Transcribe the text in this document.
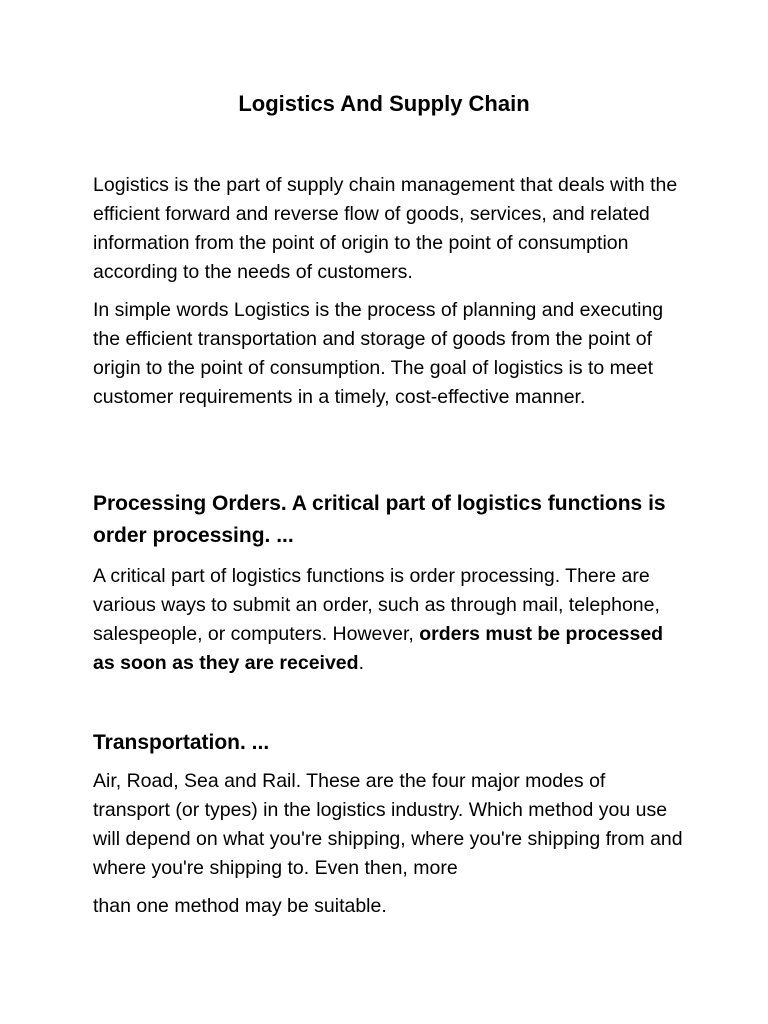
Logistics And Supply Chain

Logistics is the part of supply chain management that deals with the efficient forward and reverse flow of goods, services, and related information from the point of origin to the point of consumption according to the needs of customers.

In simple words Logistics is the process of planning and executing the efficient transportation and storage of goods from the point of origin to the point of consumption. The goal of logistics is to meet customer requirements in a timely, cost-effective manner.

Processing Orders. A critical part of logistics functions is order processing. ...

A critical part of logistics functions is order processing. There are various ways to submit an order, such as through mail, telephone, salespeople, or computers. However, orders must be processed as soon as they are received.

Transportation. ...

Air, Road, Sea and Rail. These are the four major modes of transport (or types) in the logistics industry. Which method you use will depend on what you're shipping, where you're shipping from and where you're shipping to. Even then, more
than one method may be suitable.
